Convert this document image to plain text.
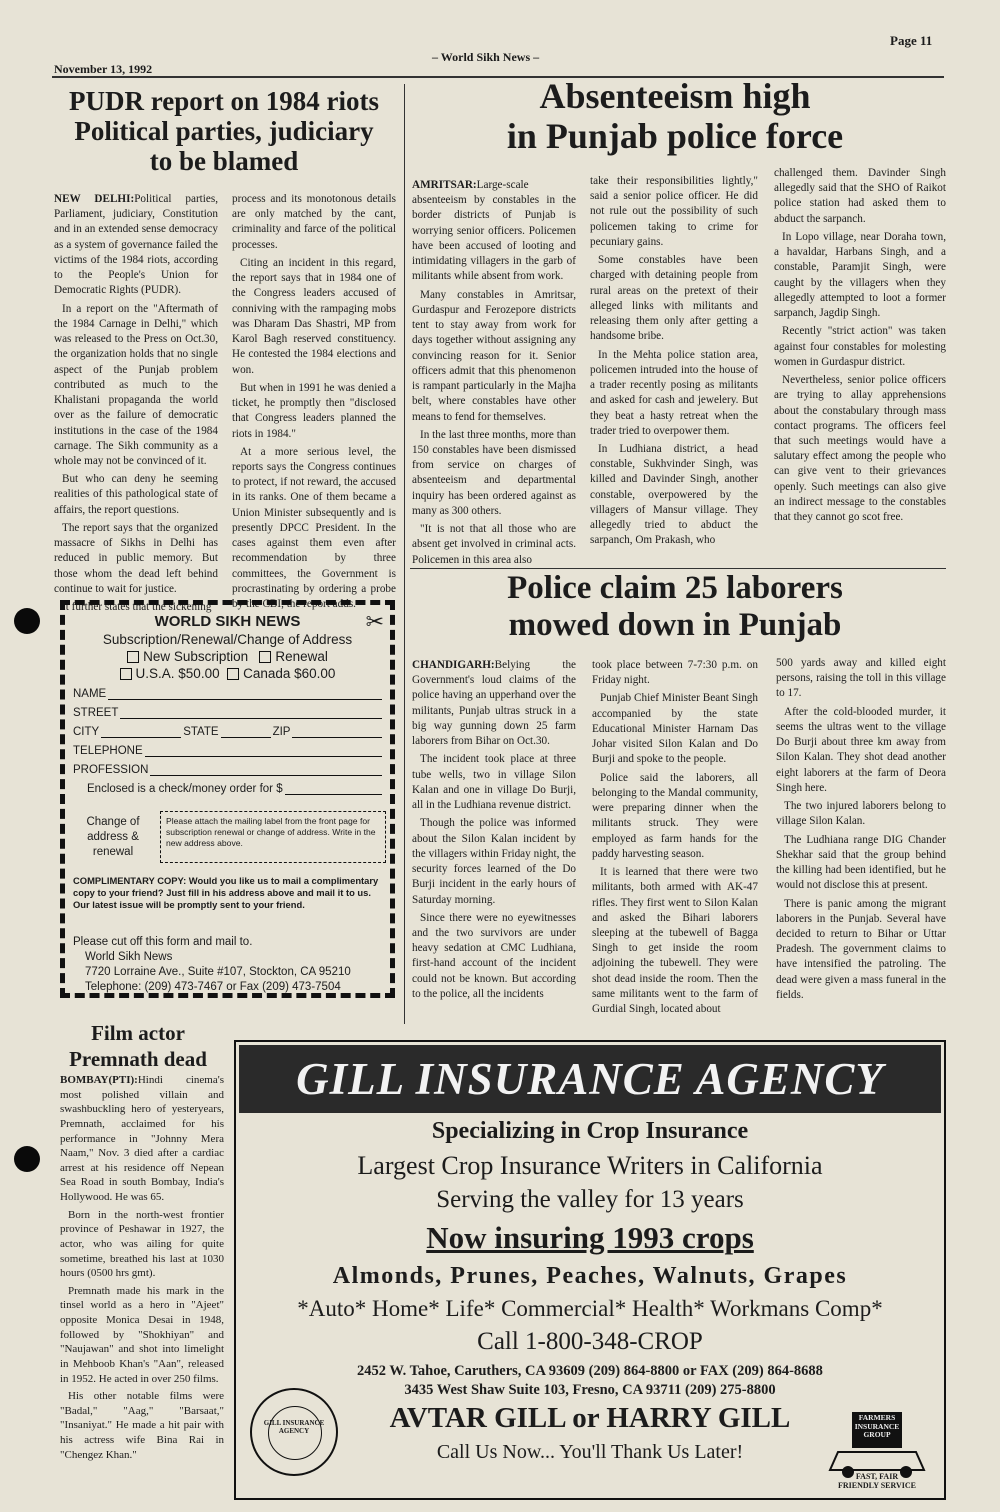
November 13, 1992
– World Sikh News –
Page 11
PUDR report on 1984 riots
Political parties, judiciary
to be blamed

NEW DELHI:Political parties, Parliament, judiciary, Constitution and in an extended sense democracy as a system of governance failed the victims of the 1984 riots, according to the People's Union for Democratic Rights (PUDR).

In a report on the "Aftermath of the 1984 Carnage in Delhi," which was released to the Press on Oct.30, the organization holds that no single aspect of the Punjab problem contributed as much to the Khalistani propaganda the world over as the failure of democratic institutions in the case of the 1984 carnage. The Sikh community as a whole may not be convinced of it.

But who can deny he seeming realities of this pathological state of affairs, the report questions.

The report says that the organized massacre of Sikhs in Delhi has reduced in public memory. But those whom the dead left behind continue to wait for justice.

It further states that the sickening

process and its monotonous details are only matched by the cant, criminality and farce of the political processes.

Citing an incident in this regard, the report says that in 1984 one of the Congress leaders accused of conniving with the rampaging mobs was Dharam Das Shastri, MP from Karol Bagh reserved constituency. He contested the 1984 elections and won.

But when in 1991 he was denied a ticket, he promptly then "disclosed that Congress leaders planned the riots in 1984."

At a more serious level, the reports says the Congress continues to protect, if not reward, the accused in its ranks. One of them became a Union Minister subsequently and is presently DPCC President. In the cases against them even after recommendation by three committees, the Government is procrastinating by ordering a probe by the CBI, the report adds.

Absenteeism high
in Punjab police force

AMRITSAR:Large-scale absenteeism by constables in the border districts of Punjab is worrying senior officers. Policemen have been accused of looting and intimidating villagers in the garb of militants while absent from work.

Many constables in Amritsar, Gurdaspur and Ferozepore districts tent to stay away from work for days together without assigning any convincing reason for it. Senior officers admit that this phenomenon is rampant particularly in the Majha belt, where constables have other means to fend for themselves.

In the last three months, more than 150 constables have been dismissed from service on charges of absenteeism and departmental inquiry has been ordered against as many as 300 others.

"It is not that all those who are absent get involved in criminal acts. Policemen in this area also

take their responsibilities lightly," said a senior police officer. He did not rule out the possibility of such policemen taking to crime for pecuniary gains.

Some constables have been charged with detaining people from rural areas on the pretext of their alleged links with militants and releasing them only after getting a handsome bribe.

In the Mehta police station area, policemen intruded into the house of a trader recently posing as militants and asked for cash and jewelery. But they beat a hasty retreat when the trader tried to overpower them.

In Ludhiana district, a head constable, Sukhvinder Singh, was killed and Davinder Singh, another constable, overpowered by the villagers of Mansur village. They allegedly tried to abduct the sarpanch, Om Prakash, who

challenged them. Davinder Singh allegedly said that the SHO of Raikot police station had asked them to abduct the sarpanch.

In Lopo village, near Doraha town, a havaldar, Harbans Singh, and a constable, Paramjit Singh, were caught by the villagers when they allegedly attempted to loot a former sarpanch, Jagdip Singh.

Recently "strict action" was taken against four constables for molesting women in Gurdaspur district.

Nevertheless, senior police officers are trying to allay apprehensions about the constabulary through mass contact programs. The officers feel that such meetings would have a salutary effect among the people who can give vent to their grievances openly. Such meetings can also give an indirect message to the constables that they cannot go scot free.

Police claim 25 laborers
mowed down in Punjab

CHANDIGARH:Belying the Government's loud claims of the police having an upperhand over the militants, Punjab ultras struck in a big way gunning down 25 farm laborers from Bihar on Oct.30.

The incident took place at three tube wells, two in village Silon Kalan and one in village Do Burji, all in the Ludhiana revenue district.

Though the police was informed about the Silon Kalan incident by the villagers within Friday night, the security forces learned of the Do Burji incident in the early hours of Saturday morning.

Since there were no eyewitnesses and the two survivors are under heavy sedation at CMC Ludhiana, first-hand account of the incident could not be known. But according to the police, all the incidents

took place between 7-7:30 p.m. on Friday night.

Punjab Chief Minister Beant Singh accompanied by the state Educational Minister Harnam Das Johar visited Silon Kalan and Do Burji and spoke to the people.

Police said the laborers, all belonging to the Mandal community, were preparing dinner when the militants struck. They were employed as farm hands for the paddy harvesting season.

It is learned that there were two militants, both armed with AK-47 rifles. They first went to Silon Kalan and asked the Bihari laborers sleeping at the tubewell of Bagga Singh to get inside the room adjoining the tubewell. They were shot dead inside the room. Then the same militants went to the farm of Gurdial Singh, located about

500 yards away and killed eight persons, raising the toll in this village to 17.

After the cold-blooded murder, it seems the ultras went to the village Do Burji about three km away from Silon Kalan. They shot dead another eight laborers at the farm of Deora Singh here.

The two injured laborers belong to village Silon Kalan.

The Ludhiana range DIG Chander Shekhar said that the group behind the killing had been identified, but he would not disclose this at present.

There is panic among the migrant laborers in the Punjab. Several have decided to return to Bihar or Uttar Pradesh. The government claims to have intensified the patroling. The dead were given a mass funeral in the fields.

WORLD SIKH NEWS
Subscription/Renewal/Change of Address
✂
New Subscription Renewal
U.S.A. $50.00 Canada $60.00
NAME
STREET
CITY	STATE	ZIP
TELEPHONE
PROFESSION
Enclosed is a check/money order for $
Change of address & renewal
Please attach the mailing label from the front page for subscription renewal or change of address. Write in the new address above.
COMPLIMENTARY COPY: Would you like us to mail a complimentary copy to your friend? Just fill in his address above and mail it to us. Our latest issue will be promptly sent to your friend.
Please cut off this form and mail to.
World Sikh News
7720 Lorraine Ave., Suite #107, Stockton, CA 95210
Telephone: (209) 473-7467 or Fax (209) 473-7504
Film actor
Premnath dead

BOMBAY(PTI):Hindi cinema's most polished villain and swashbuckling hero of yesteryears, Premnath, acclaimed for his performance in "Johnny Mera Naam," Nov. 3 died after a cardiac arrest at his residence off Nepean Sea Road in south Bombay, India's Hollywood. He was 65.

Born in the north-west frontier province of Peshawar in 1927, the actor, who was ailing for quite sometime, breathed his last at 1030 hours (0500 hrs gmt).

Premnath made his mark in the tinsel world as a hero in "Ajeet" opposite Monica Desai in 1948, followed by "Shokhiyan" and "Naujawan" and shot into limelight in Mehboob Khan's "Aan", released in 1952. He acted in over 250 films.

His other notable films were "Badal," "Aag," "Barsaat," "Insaniyat." He made a hit pair with his actress wife Bina Rai in "Chengez Khan."

GILL INSURANCE AGENCY
Specializing in Crop Insurance
Largest Crop Insurance Writers in California
Serving the valley for 13 years
Now insuring 1993 crops
Almonds, Prunes, Peaches, Walnuts, Grapes
*Auto* Home* Life* Commercial* Health* Workmans Comp*
Call 1-800-348-CROP
2452 W. Tahoe, Caruthers, CA 93609 (209) 864-8800 or FAX (209) 864-8688
3435 West Shaw Suite 103, Fresno, CA 93711 (209) 275-8800
AVTAR GILL or HARRY GILL
Call Us Now... You'll Thank Us Later!
GILL INSURANCE AGENCY
FARMERS
INSURANCE
GROUP
FAST, FAIR
FRIENDLY SERVICE
